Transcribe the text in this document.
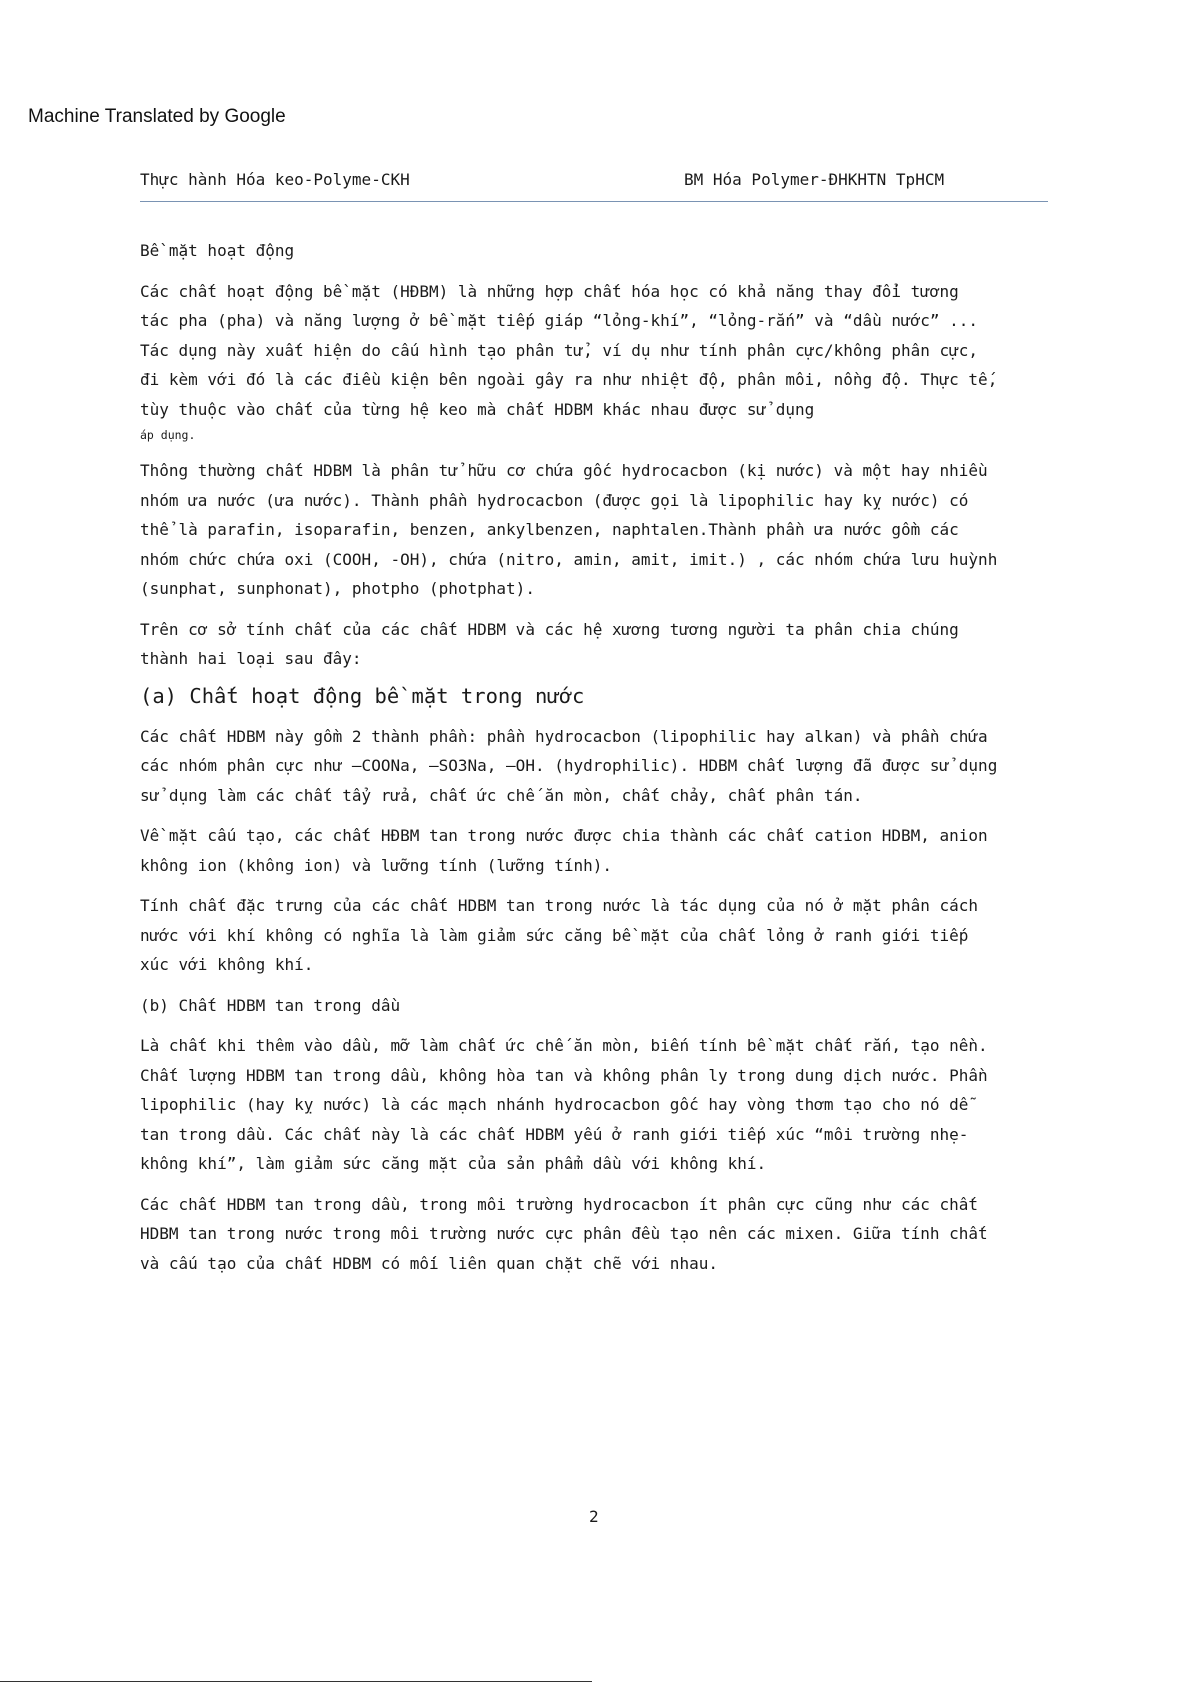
Machine Translated by Google
Thực hành Hóa keo-Polyme-CKH	BM Hóa Polymer-ĐHKHTN TpHCM

Bề mặt hoạt động

Các chất hoạt động bề mặt (HĐBM) là những hợp chất hóa học có khả năng thay đổi tương
tác pha (pha) và năng lượng ở bề mặt tiếp giáp “lỏng-khí”, “lỏng-rắn” và “dầu nước” ...
Tác dụng này xuất hiện do cấu hình tạo phân tử, ví dụ như tính phân cực/không phân cực,
đi kèm với đó là các điều kiện bên ngoài gây ra như nhiệt độ, phân môi, nồng độ. Thực tế,
tùy thuộc vào chất của từng hệ keo mà chất HDBM khác nhau được sử dụng

áp dụng.

Thông thường chất HDBM là phân tử hữu cơ chứa gốc hydrocacbon (kị nước) và một hay nhiều
nhóm ưa nước (ưa nước). Thành phần hydrocacbon (được gọi là lipophilic hay kỵ nước) có
thể là parafin, isoparafin, benzen, ankylbenzen, naphtalen.Thành phần ưa nước gồm các
nhóm chức chứa oxi (COOH, -OH), chứa (nitro, amin, amit, imit.) , các nhóm chứa lưu huỳnh
(sunphat, sunphonat), photpho (photphat).

Trên cơ sở tính chất của các chất HDBM và các hệ xương tương người ta phân chia chúng
thành hai loại sau đây:

(a) Chất hoạt động bề mặt trong nước

Các chất HDBM này gồm 2 thành phần: phần hydrocacbon (lipophilic hay alkan) và phần chứa
các nhóm phân cực như –COONa, –SO3Na, –OH. (hydrophilic). HDBM chất lượng đã được sử dụng
sử dụng làm các chất tẩy rửa, chất ức chế ăn mòn, chất chảy, chất phân tán.

Về mặt cấu tạo, các chất HĐBM tan trong nước được chia thành các chất cation HDBM, anion
không ion (không ion) và lưỡng tính (lưỡng tính).

Tính chất đặc trưng của các chất HDBM tan trong nước là tác dụng của nó ở mặt phân cách
nước với khí không có nghĩa là làm giảm sức căng bề mặt của chất lỏng ở ranh giới tiếp
xúc với không khí.

(b) Chất HDBM tan trong dầu

Là chất khi thêm vào dầu, mỡ làm chất ức chế ăn mòn, biến tính bề mặt chất rắn, tạo nền.
Chất lượng HDBM tan trong dầu, không hòa tan và không phân ly trong dung dịch nước. Phần
lipophilic (hay kỵ nước) là các mạch nhánh hydrocacbon gốc hay vòng thơm tạo cho nó dễ
tan trong dầu. Các chất này là các chất HDBM yếu ở ranh giới tiếp xúc “môi trường nhẹ-
không khí”, làm giảm sức căng mặt của sản phẩm dầu với không khí.

Các chất HDBM tan trong dầu, trong môi trường hydrocacbon ít phân cực cũng như các chất
HDBM tan trong nước trong môi trường nước cực phân đều tạo nên các mixen. Giữa tính chất
và cấu tạo của chất HDBM có mối liên quan chặt chẽ với nhau.

2
